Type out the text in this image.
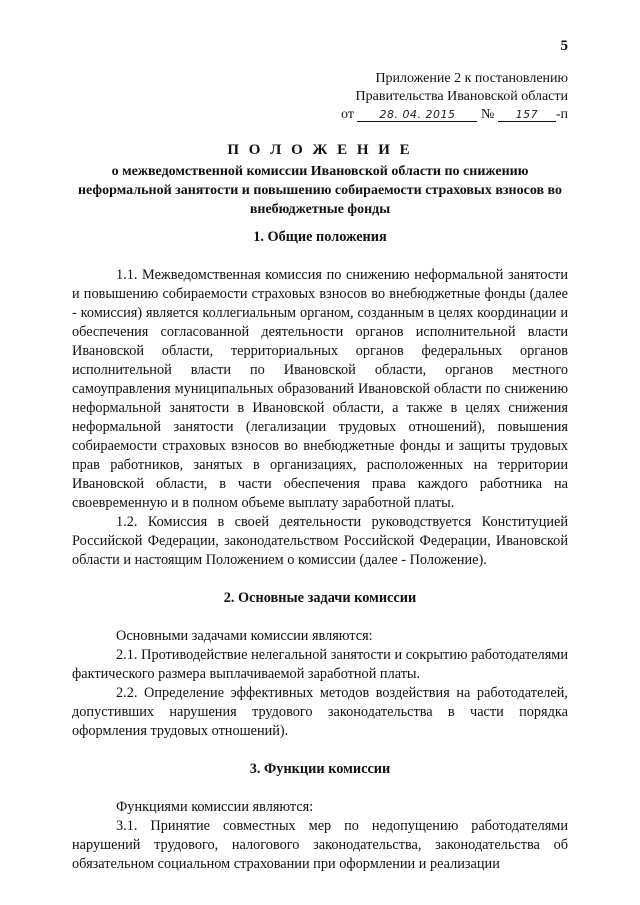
5
Приложение 2 к постановлению
Правительства Ивановской области
от
	28. 04. 2015
	№
	157	-п
П О Л О Ж Е Н И Е
о межведомственной комиссии Ивановской области по снижению неформальной занятости и повышению собираемости страховых взносов во внебюджетные фонды
1. Общие положения

1.1. Межведомственная комиссия по снижению неформальной занятости и повышению собираемости страховых взносов во внебюджетные фонды (далее - комиссия) является коллегиальным органом, созданным в целях координации и обеспечения согласованной деятельности органов исполнительной власти Ивановской области, территориальных органов федеральных органов исполнительной власти по Ивановской области, органов местного самоуправления муниципальных образований Ивановской области по снижению неформальной занятости в Ивановской области, а также в целях снижения неформальной занятости (легализации трудовых отношений), повышения собираемости страховых взносов во внебюджетные фонды и защиты трудовых прав работников, занятых в организациях, расположенных на территории Ивановской области, в части обеспечения права каждого работника на своевременную и в полном объеме выплату заработной платы.

1.2. Комиссия в своей деятельности руководствуется Конституцией Российской Федерации, законодательством Российской Федерации, Ивановской области и настоящим Положением о комиссии (далее - Положение).

2. Основные задачи комиссии

Основными задачами комиссии являются:

2.1. Противодействие нелегальной занятости и сокрытию работодателями фактического размера выплачиваемой заработной платы.

2.2. Определение эффективных методов воздействия на работодателей, допустивших нарушения трудового законодательства в части порядка оформления трудовых отношений).

3. Функции комиссии

Функциями комиссии являются:

3.1. Принятие совместных мер по недопущению работодателями нарушений трудового, налогового законодательства, законодательства об обязательном социальном страховании при оформлении и реализации
